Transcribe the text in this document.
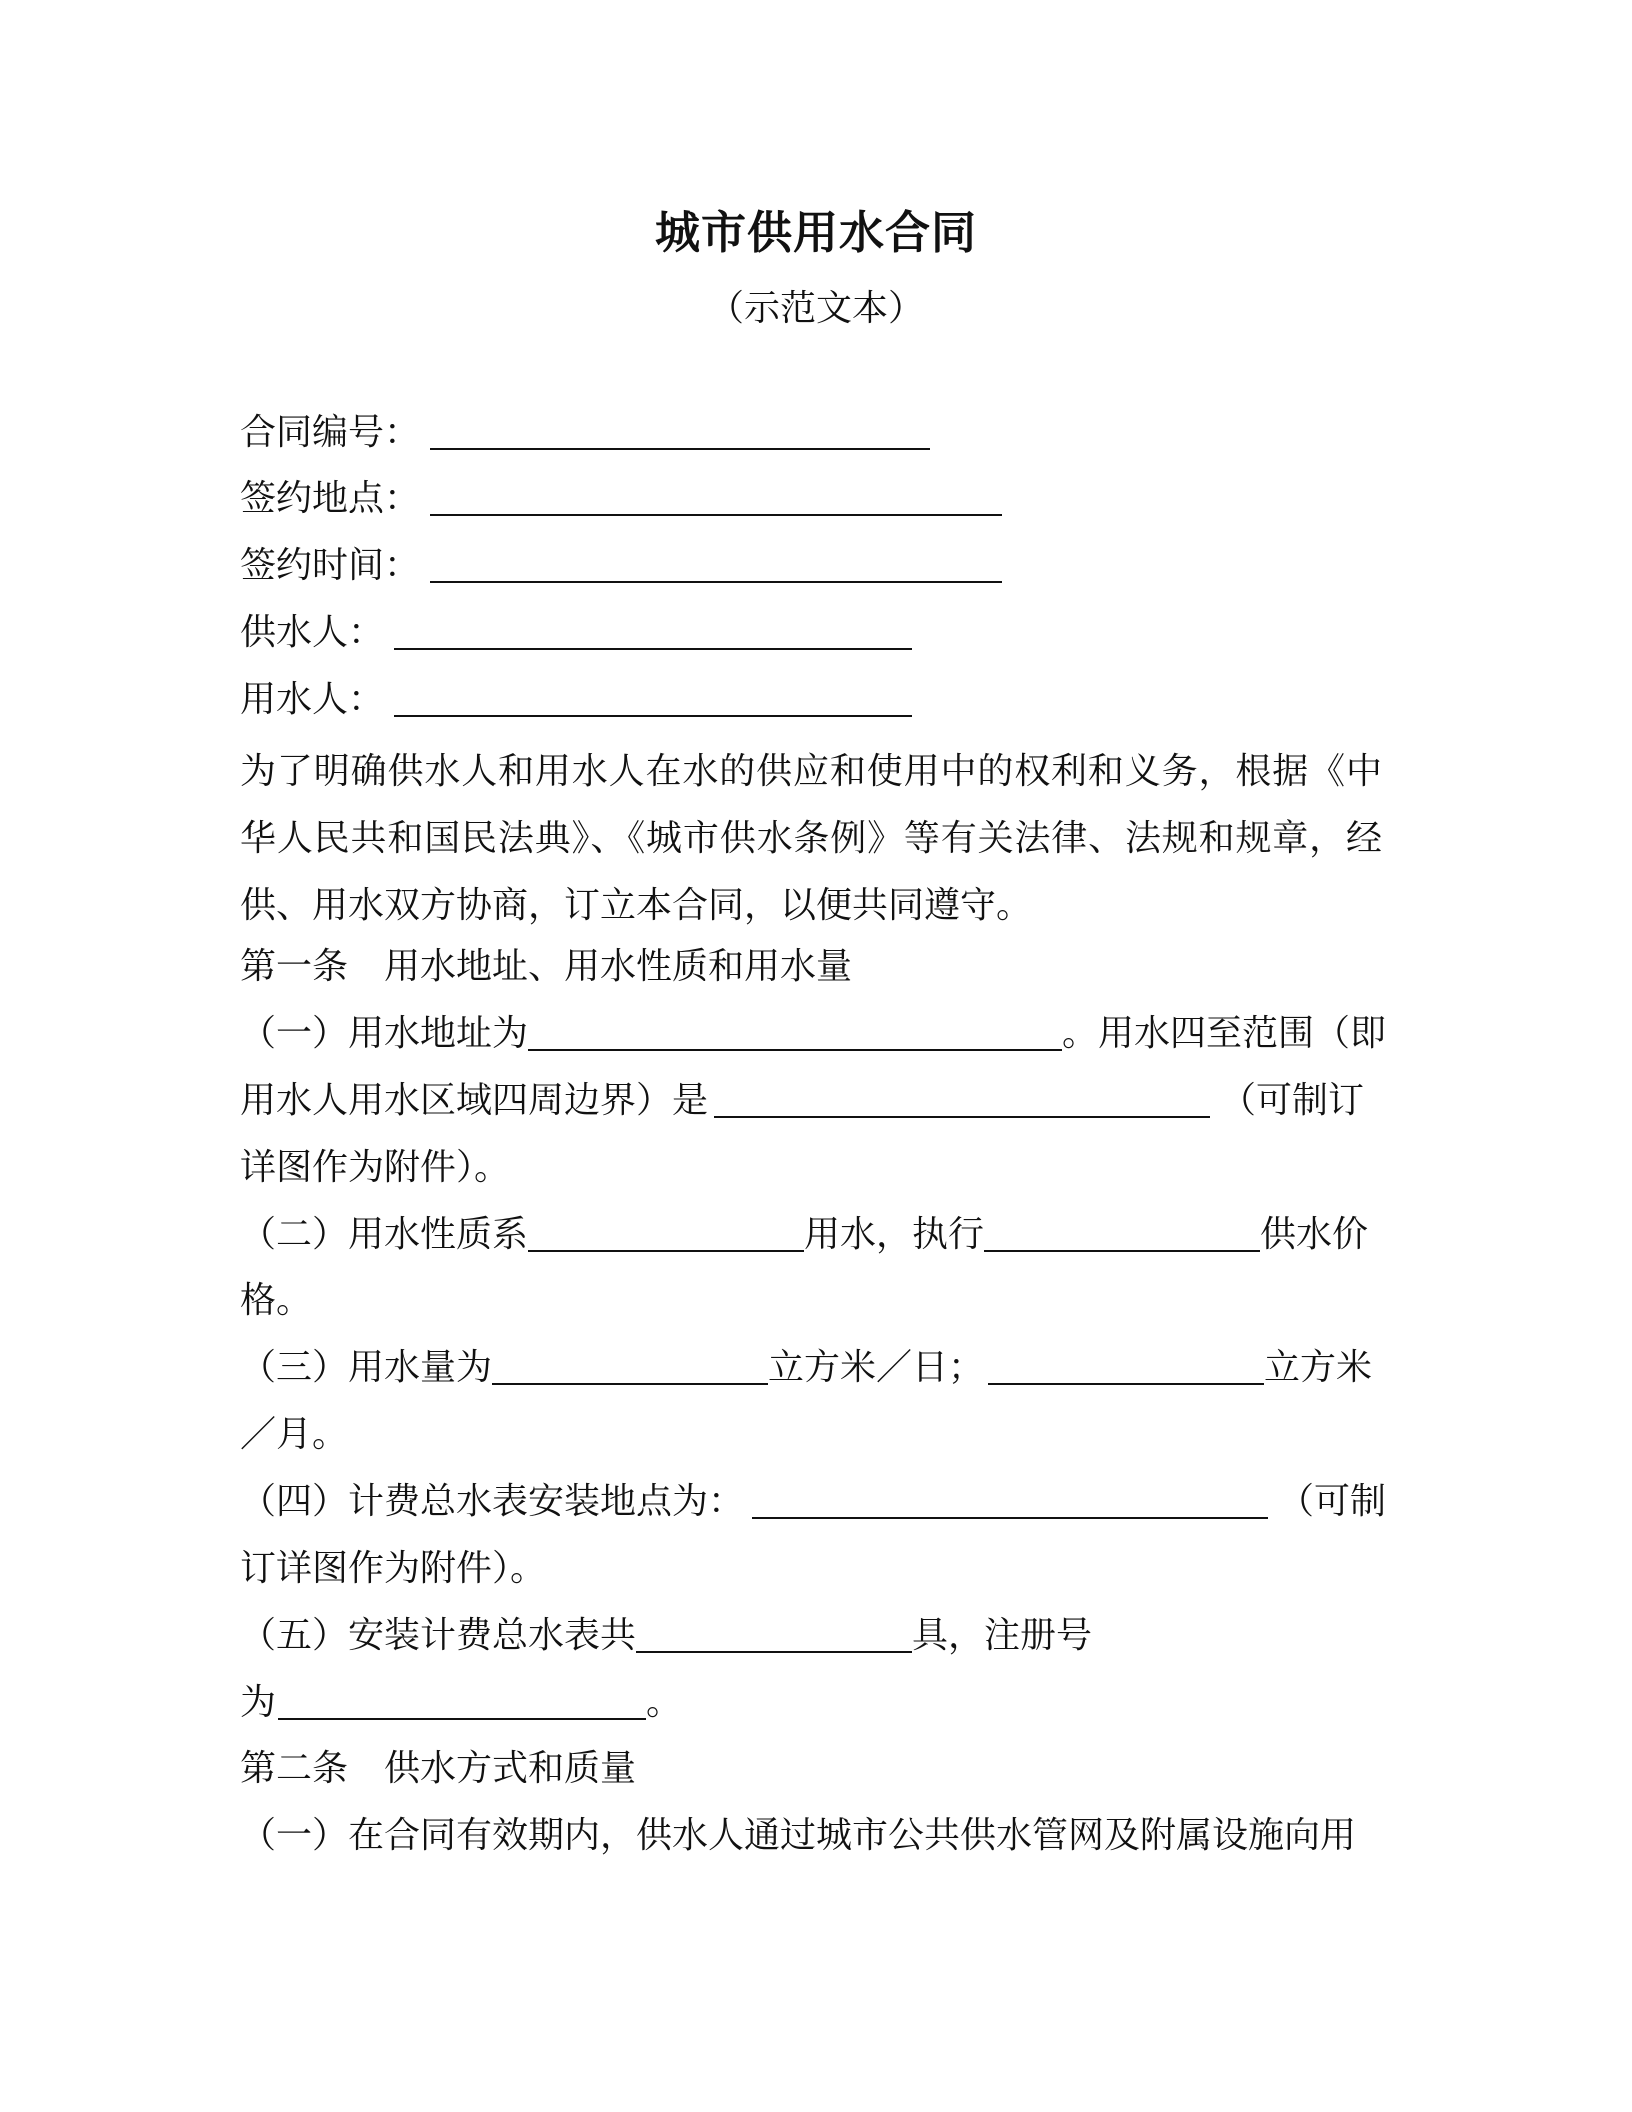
城市供用水合同
（示范文本）
合同编号：
签约地点：
签约时间：
供水人：
用水人：
为了明确供水人和用水人在水的供应和使用中的权利和义务，根据《中华人民共和国民法典》、《城市供水条例》等有关法律、法规和规章，经供、用水双方协商，订立本合同，以便共同遵守。
第一条　用水地址、用水性质和用水量
（一）用水地址为	。用水四至范围（即
用水人用水区域四周边界）是	（可制订
详图作为附件）。
（二）用水性质系	用水，执行	供水价
格。
（三）用水量为	立方米／日；	立方米
／月。
（四）计费总水表安装地点为：	（可制
订详图作为附件）。
（五）安装计费总水表共	具，注册号
为	。
第二条　供水方式和质量
（一）在合同有效期内，供水人通过城市公共供水管网及附属设施向用
